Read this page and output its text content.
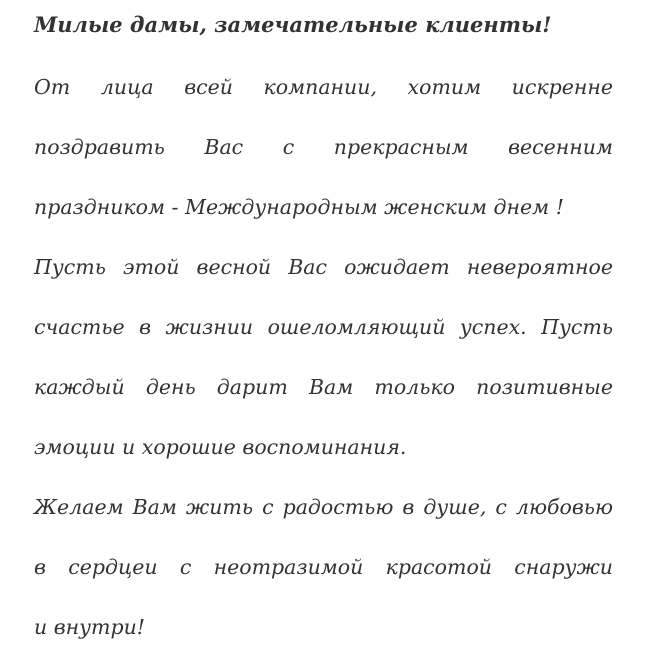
Милые дамы, замечательные клиенты!

От лица всей компании, хотим искренне

поздравить Вас с прекрасным весенним

праздником - Международным женским днем !

Пусть этой весной Вас ожидает невероятное

счастье в жизнии ошеломляющий успех. Пусть

каждый день дарит Вам только позитивные

эмоции и хорошие воспоминания.

Желаем Вам жить с радостью в душе, с любовью

в сердцеи с неотразимой красотой снаружи

и внутри!
